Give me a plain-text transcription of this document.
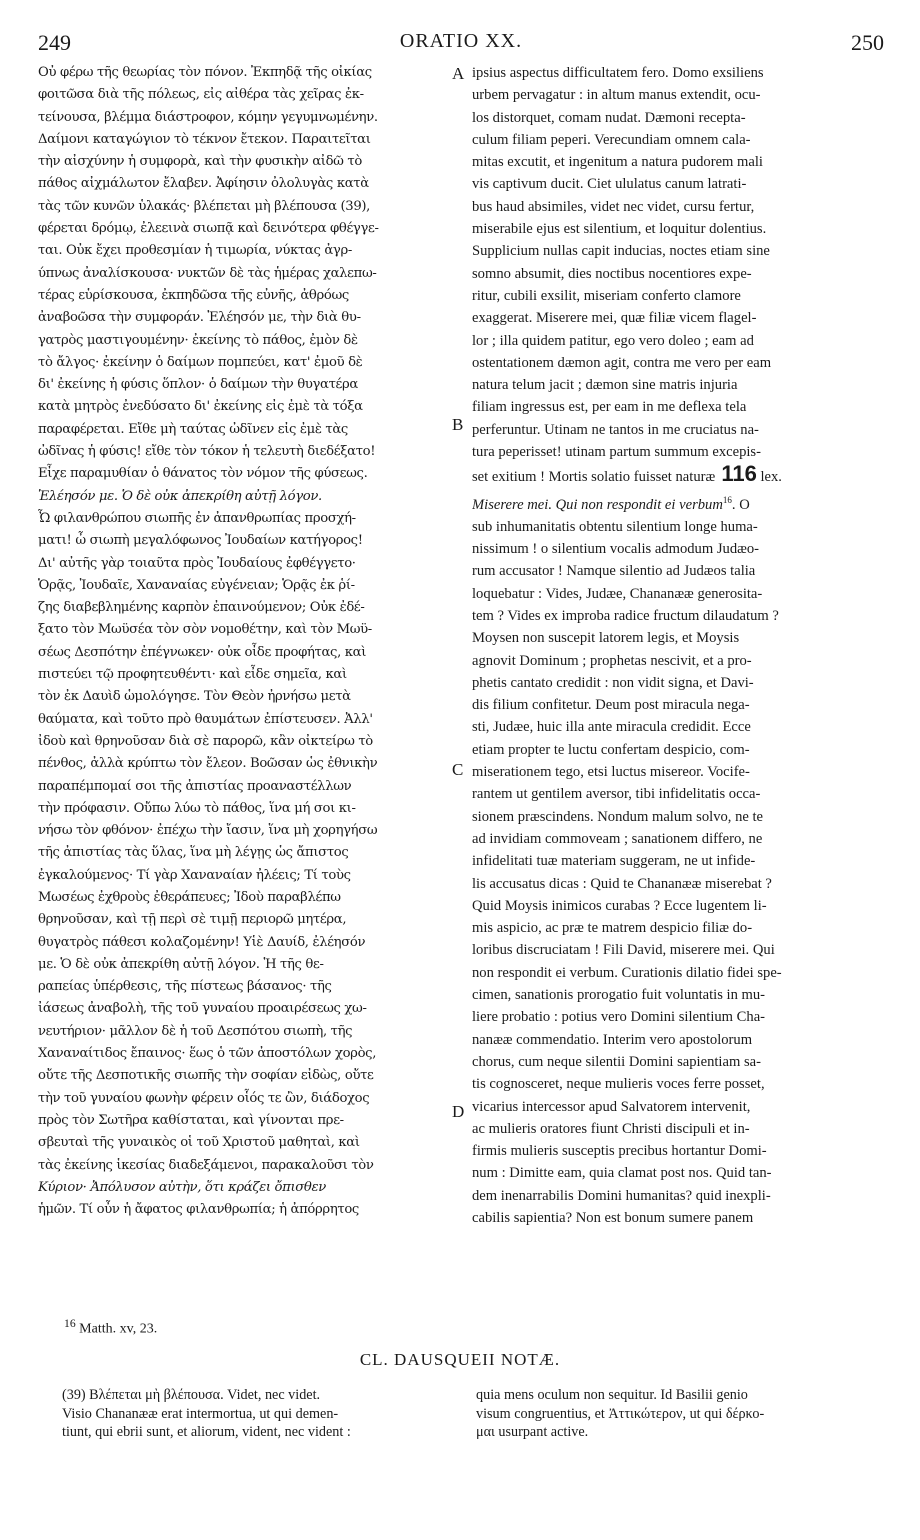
249	ORATIO XX.	250

Οὐ φέρω τῆς θεωρίας τὸν πόνον. Ἐκπηδᾷ τῆς οἰκίας

φοιτῶσα διὰ τῆς πόλεως, εἰς αἰθέρα τὰς χεῖρας ἐκ-

τείνουσα, βλέμμα διάστροφον, κόμην γεγυμνωμένην.

Δαίμονι καταγώγιον τὸ τέκνον ἔτεκον. Παραιτεῖται

τὴν αἰσχύνην ἡ συμφορὰ, καὶ τὴν φυσικὴν αἰδῶ τὸ

πάθος αἰχμάλωτον ἔλαβεν. Ἀφίησιν ὀλολυγὰς κατὰ

τὰς τῶν κυνῶν ὑλακάς· βλέπεται μὴ βλέπουσα (39),

φέρεται δρόμῳ, ἐλεεινὰ σιωπᾷ καὶ δεινότερα φθέγγε-

ται. Οὐκ ἔχει προθεσμίαν ἡ τιμωρία, νύκτας ἀγρ-

ύπνως ἀναλίσκουσα· νυκτῶν δὲ τὰς ἡμέρας χαλεπω-

τέρας εὑρίσκουσα, ἐκπηδῶσα τῆς εὐνῆς, ἀθρόως

ἀναβοῶσα τὴν συμφοράν. Ἐλέησόν με, τὴν διὰ θυ-

γατρὸς μαστιγουμένην· ἐκείνης τὸ πάθος, ἐμὸν δὲ

τὸ ἄλγος· ἐκείνην ὁ δαίμων πομπεύει, κατ' ἐμοῦ δὲ

δι' ἐκείνης ἡ φύσις ὅπλον· ὁ δαίμων τὴν θυγατέρα

κατὰ μητρὸς ἐνεδύσατο δι' ἐκείνης εἰς ἐμὲ τὰ τόξα

παραφέρεται. Εἴθε μὴ ταύτας ὠδῖνεν εἰς ἐμὲ τὰς

ὠδῖνας ἡ φύσις! εἴθε τὸν τόκον ἡ τελευτὴ διεδέξατο!

Εἶχε παραμυθίαν ὁ θάνατος τὸν νόμον τῆς φύσεως.

Ἐλέησόν με. Ὁ δὲ οὐκ ἀπεκρίθη αὐτῇ λόγον.

Ὦ φιλανθρώπου σιωπῆς ἐν ἀπανθρωπίας προσχή-

ματι! ὦ σιωπὴ μεγαλόφωνος Ἰουδαίων κατήγορος!

Δι' αὐτῆς γὰρ τοιαῦτα πρὸς Ἰουδαίους ἐφθέγγετο·

Ὁρᾷς, Ἰουδαῖε, Χαναναίας εὐγένειαν; Ὁρᾷς ἐκ ῥί-

ζης διαβεβλημένης καρπὸν ἐπαινούμενον; Οὐκ ἐδέ-

ξατο τὸν Μωϋσέα τὸν σὸν νομοθέτην, καὶ τὸν Μωϋ-

σέως Δεσπότην ἐπέγνωκεν· οὐκ οἶδε προφήτας, καὶ

πιστεύει τῷ προφητευθέντι· καὶ εἶδε σημεῖα, καὶ

τὸν ἐκ Δαυὶδ ὡμολόγησε. Τὸν Θεὸν ἠρνήσω μετὰ

θαύματα, καὶ τοῦτο πρὸ θαυμάτων ἐπίστευσεν. Ἀλλ'

ἰδοὺ καὶ θρηνοῦσαν διὰ σὲ παρορῶ, κἂν οἰκτείρω τὸ

πένθος, ἀλλὰ κρύπτω τὸν ἔλεον. Βοῶσαν ὡς ἐθνικὴν

παραπέμπομαί σοι τῆς ἀπιστίας προαναστέλλων

τὴν πρόφασιν. Οὔπω λύω τὸ πάθος, ἵνα μή σοι κι-

νήσω τὸν φθόνον· ἐπέχω τὴν ἴασιν, ἵνα μὴ χορηγήσω

τῆς ἀπιστίας τὰς ὕλας, ἵνα μὴ λέγῃς ὡς ἄπιστος

ἐγκαλούμενος· Τί γὰρ Χαναναίαν ἠλέεις; Τί τοὺς

Μωσέως ἐχθροὺς ἐθεράπευες; Ἰδοὺ παραβλέπω

θρηνοῦσαν, καὶ τῇ περὶ σὲ τιμῇ περιορῶ μητέρα,

θυγατρὸς πάθεσι κολαζομένην! Υἱὲ Δαυίδ, ἐλέησόν

με. Ὁ δὲ οὐκ ἀπεκρίθη αὐτῇ λόγον. Ἡ τῆς θε-

ραπείας ὑπέρθεσις, τῆς πίστεως βάσανος· τῆς

ἰάσεως ἀναβολὴ, τῆς τοῦ γυναίου προαιρέσεως χω-

νευτήριον· μᾶλλον δὲ ἡ τοῦ Δεσπότου σιωπὴ, τῆς

Χαναναίτιδος ἔπαινος· ἕως ὁ τῶν ἀποστόλων χορὸς,

οὔτε τῆς Δεσποτικῆς σιωπῆς τὴν σοφίαν εἰδὼς, οὔτε

τὴν τοῦ γυναίου φωνὴν φέρειν οἷός τε ὢν, διάδοχος

πρὸς τὸν Σωτῆρα καθίσταται, καὶ γίνονται πρε-

σβευταὶ τῆς γυναικὸς οἱ τοῦ Χριστοῦ μαθηταὶ, καὶ

τὰς ἐκείνης ἱκεσίας διαδεξάμενοι, παρακαλοῦσι τὸν

Κύριον· Ἀπόλυσον αὐτὴν, ὅτι κράζει ὄπισθεν

ἡμῶν. Τί οὖν ἡ ἄφατος φιλανθρωπία; ἡ ἀπόρρητος

ipsius aspectus difficultatem fero. Domo exsiliens

urbem pervagatur : in altum manus extendit, ocu-

los distorquet, comam nudat. Dæmoni recepta-

culum filiam peperi. Verecundiam omnem cala-

mitas excutit, et ingenitum a natura pudorem mali

vis captivum ducit. Ciet ululatus canum latrati-

bus haud absimiles, videt nec videt, cursu fertur,

miserabile ejus est silentium, et loquitur dolentius.

Supplicium nullas capit inducias, noctes etiam sine

somno absumit, dies noctibus nocentiores expe-

ritur, cubili exsilit, miseriam conferto clamore

exaggerat. Miserere mei, quæ filiæ vicem flagel-

lor ; illa quidem patitur, ego vero doleo ; eam ad

ostentationem dæmon agit, contra me vero per eam

natura telum jacit ; dæmon sine matris injuria

filiam ingressus est, per eam in me deflexa tela

perferuntur. Utinam ne tantos in me cruciatus na-

tura peperisset! utinam partum summum excepis-

set exitium ! Mortis solatio fuisset naturæ 116 lex.

Miserere mei. Qui non respondit ei verbum$^{16}$. O

sub inhumanitatis obtentu silentium longe huma-

nissimum ! o silentium vocalis admodum Judæo-

rum accusator ! Namque silentio ad Judæos talia

loquebatur : Vides, Judæe, Chananææ generosita-

tem ? Vides ex improba radice fructum dilaudatum ?

Moysen non suscepit latorem legis, et Moysis

agnovit Dominum ; prophetas nescivit, et a pro-

phetis cantato credidit : non vidit signa, et Davi-

dis filium confitetur. Deum post miracula nega-

sti, Judæe, huic illa ante miracula credidit. Ecce

etiam propter te luctu confertam despicio, com-

miserationem tego, etsi luctus misereor. Vocife-

rantem ut gentilem aversor, tibi infidelitatis occa-

sionem præscindens. Nondum malum solvo, ne te

ad invidiam commoveam ; sanationem differo, ne

infidelitati tuæ materiam suggeram, ne ut infide-

lis accusatus dicas : Quid te Chananææ miserebat ?

Quid Moysis inimicos curabas ? Ecce lugentem li-

mis aspicio, ac præ te matrem despicio filiæ do-

loribus discruciatam ! Fili David, miserere mei. Qui

non respondit ei verbum. Curationis dilatio fidei spe-

cimen, sanationis prorogatio fuit voluntatis in mu-

liere probatio : potius vero Domini silentium Cha-

nanææ commendatio. Interim vero apostolorum

chorus, cum neque silentii Domini sapientiam sa-

tis cognosceret, neque mulieris voces ferre posset,

vicarius intercessor apud Salvatorem intervenit,

ac mulieris oratores fiunt Christi discipuli et in-

firmis mulieris susceptis precibus hortantur Domi-

num : Dimitte eam, quia clamat post nos. Quid tan-

dem inenarrabilis Domini humanitas? quid inexpli-

cabilis sapientia? Non est bonum sumere panem

A
B
C
D
$^{16}$ Matth. xv, 23.
CL. DAUSQUEII NOTÆ.

(39) Βλέπεται μὴ βλέπουσα. Videt, nec videt.

Visio Chananææ erat intermortua, ut qui demen-

tiunt, qui ebrii sunt, et aliorum, vident, nec vident :

quia mens oculum non sequitur. Id Basilii genio

visum congruentius, et Ἀττικώτερον, ut qui δέρκο-

μαι usurpant active.
